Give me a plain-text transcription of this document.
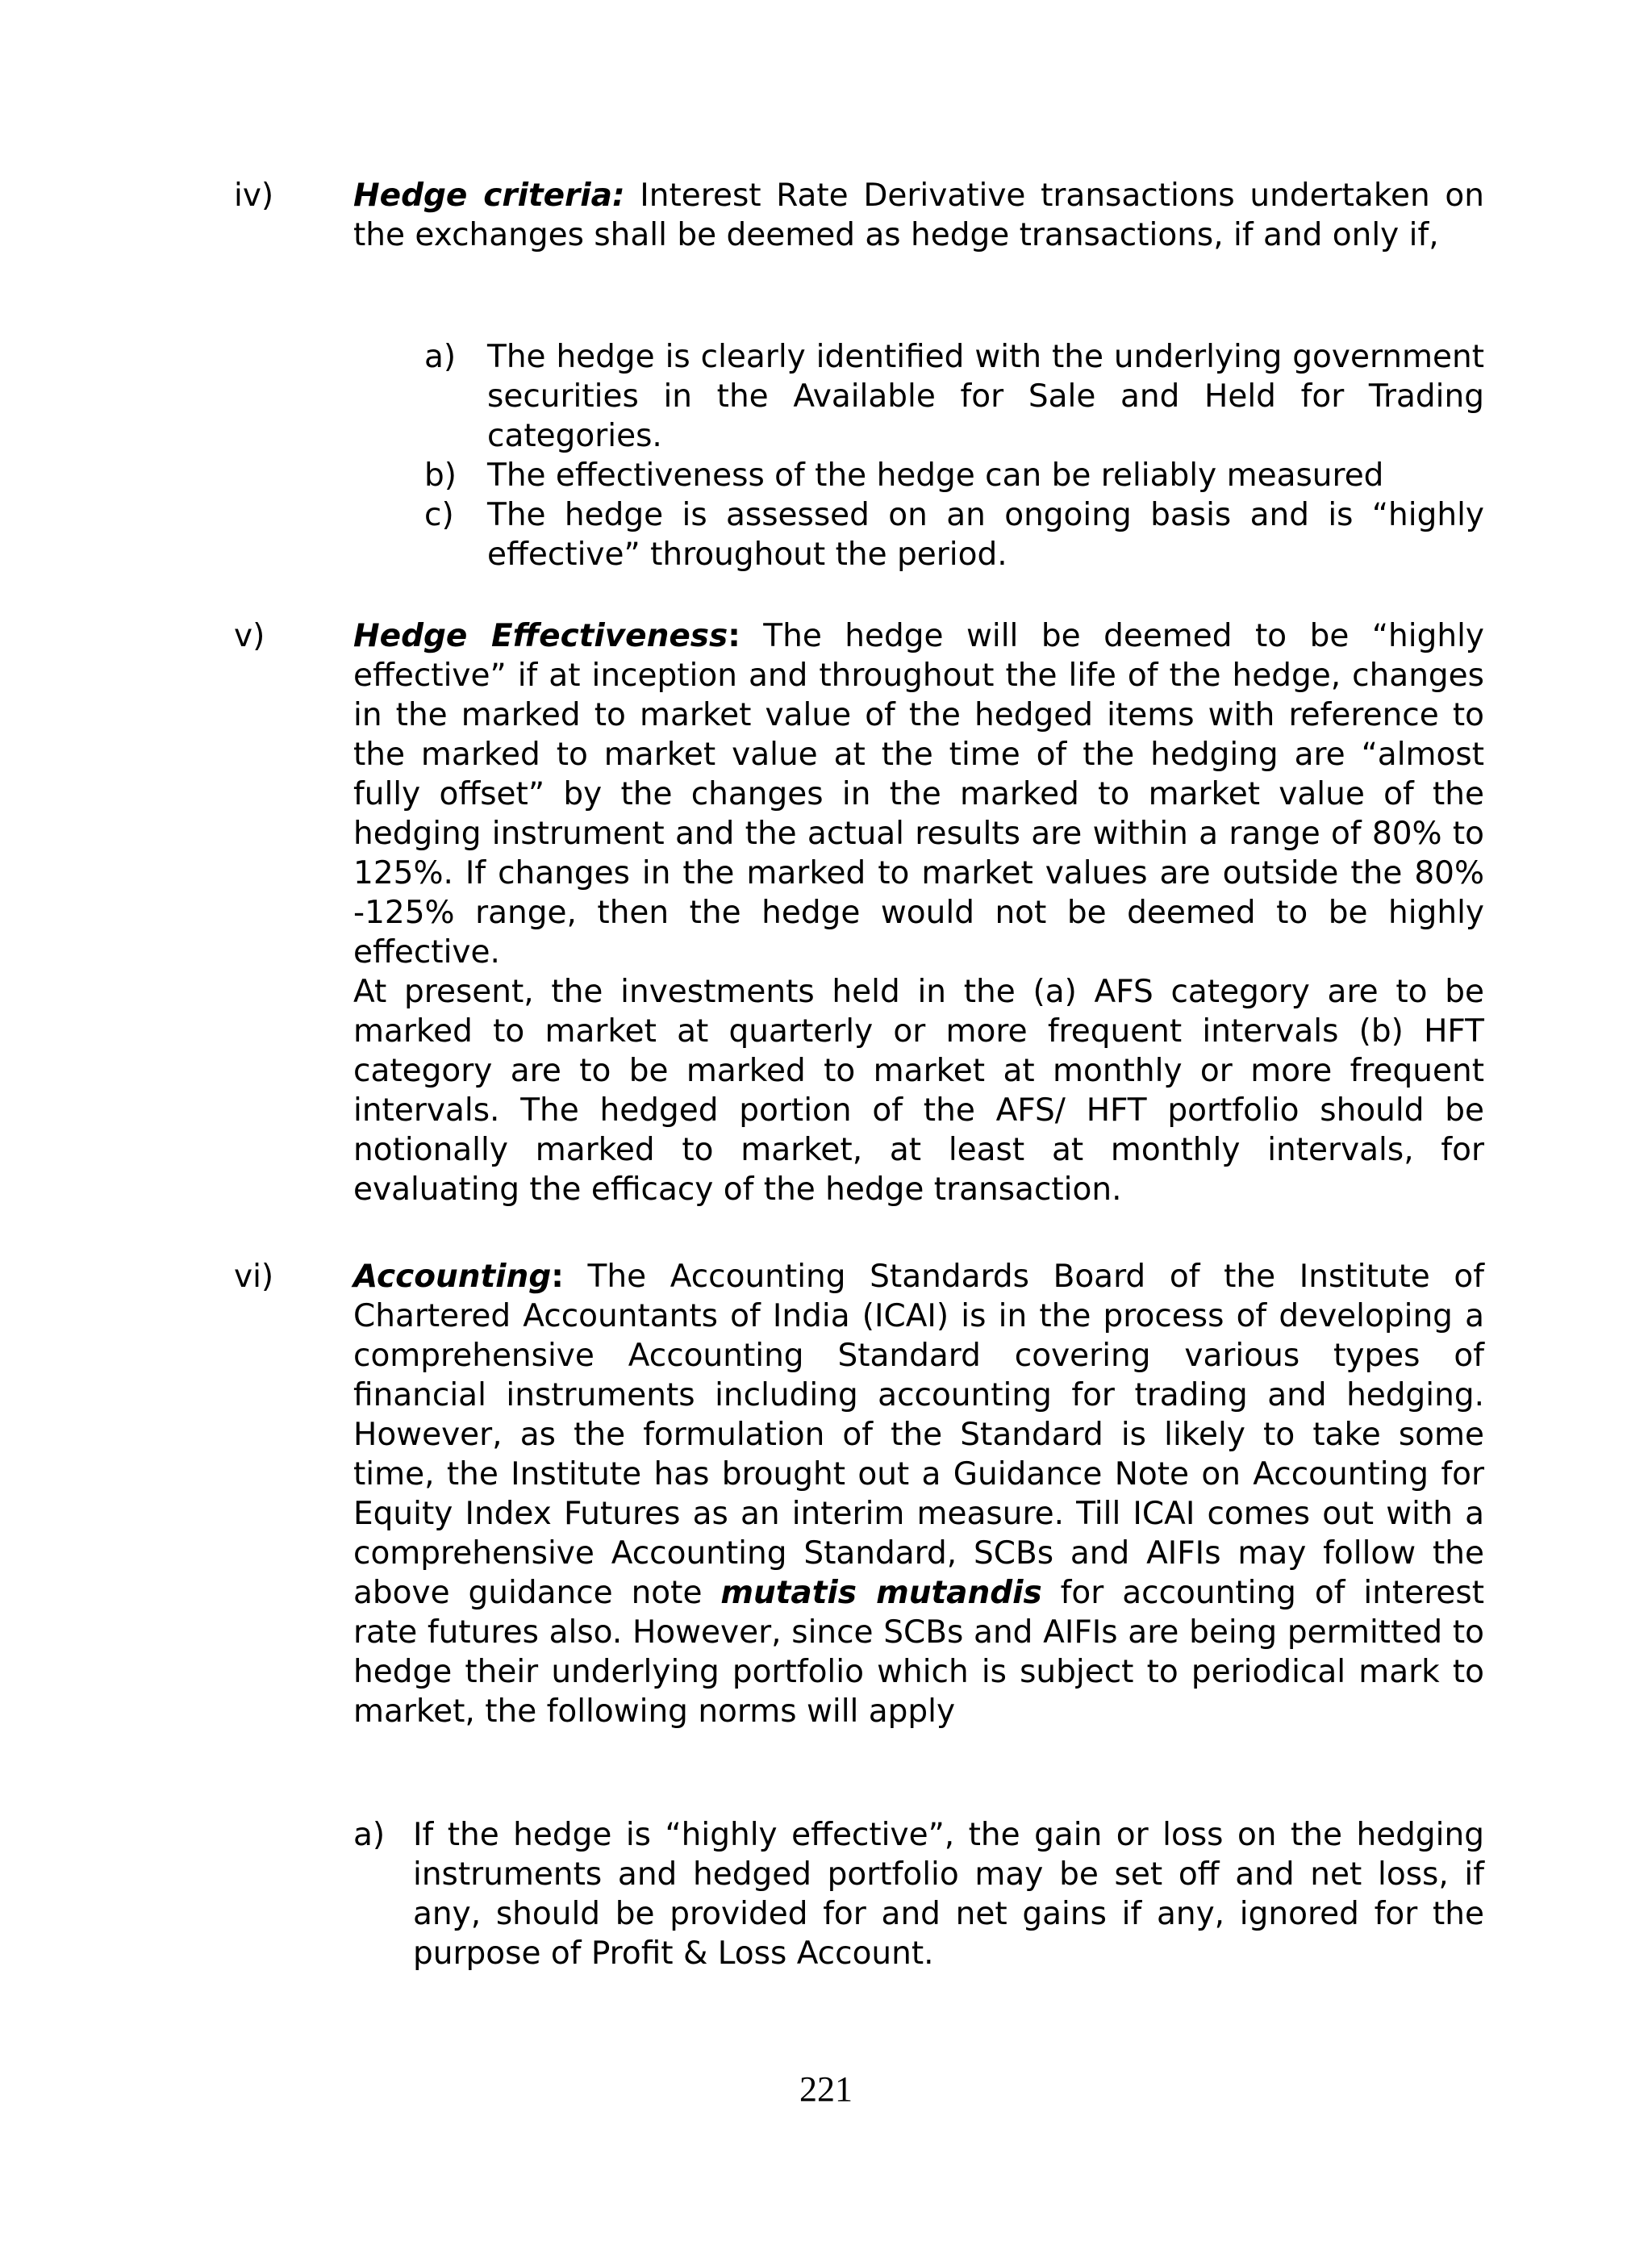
iv)	Hedge criteria: Interest Rate Derivative transactions undertaken on the exchanges shall be deemed as hedge transactions, if and only if,

a) The hedge is clearly identified with the underlying government securities in the Available for Sale and Held for Trading categories.
b) The effectiveness of the hedge can be reliably measured
c) The hedge is assessed on an ongoing basis and is “highly effective” throughout the period.
v)	Hedge Effectiveness: The hedge will be deemed to be “highly effective” if at inception and throughout the life of the hedge, changes in the marked to market value of the hedged items with reference to the marked to market value at the time of the hedging are “almost fully offset” by the changes in the marked to market value of the hedging instrument and the actual results are within a range of 80% to 125%. If changes in the marked to market values are outside the 80% -125% range, then the hedge would not be deemed to be highly effective.

At present, the investments held in the (a) AFS category are to be marked to market at quarterly or more frequent intervals (b) HFT category are to be marked to market at monthly or more frequent intervals. The hedged portion of the AFS/ HFT portfolio should be notionally marked to market, at least at monthly intervals, for evaluating the efficacy of the hedge transaction.

vi)	Accounting: The Accounting Standards Board of the Institute of Chartered Accountants of India (ICAI) is in the process of developing a comprehensive Accounting Standard covering various types of financial instruments including accounting for trading and hedging. However, as the formulation of the Standard is likely to take some time, the Institute has brought out a Guidance Note on Accounting for Equity Index Futures as an interim measure. Till ICAI comes out with a comprehensive Accounting Standard, SCBs and AIFIs may follow the above guidance note mutatis mutandis for accounting of interest rate futures also. However, since SCBs and AIFIs are being permitted to hedge their underlying portfolio which is subject to periodical mark to market, the following norms will apply

a) If the hedge is “highly effective”, the gain or loss on the hedging instruments and hedged portfolio may be set off and net loss, if any, should be provided for and net gains if any, ignored for the purpose of Profit & Loss Account.
221
